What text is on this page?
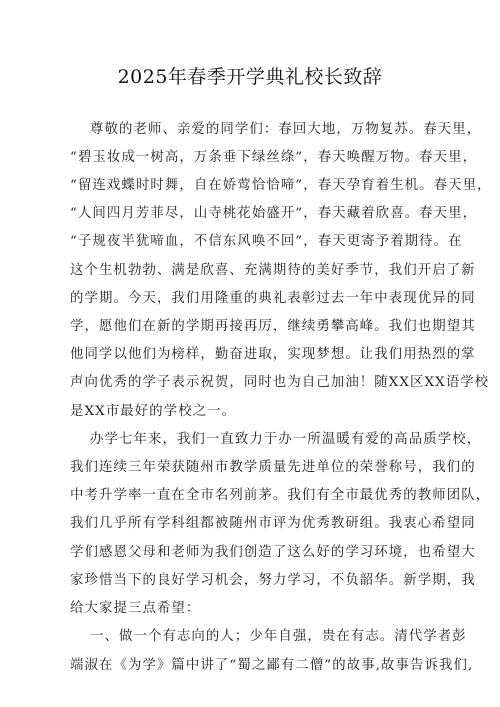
2025年春季开学典礼校长致辞
尊敬的老师、亲爱的同学们：春回大地，万物复苏。春天里，
“碧玉妆成一树高，万条垂下绿丝绦”，春天唤醒万物。春天里，
“留连戏蝶时时舞，自在娇莺恰恰啼”，春天孕育着生机。春天里，
“人间四月芳菲尽，山寺桃花始盛开”，春天藏着欣喜。春天里，
“子规夜半犹啼血，不信东风唤不回”，春天更寄予着期待。在
这个生机勃勃、满是欣喜、充满期待的美好季节，我们开启了新
的学期。今天，我们用隆重的典礼表彰过去一年中表现优异的同
学，愿他们在新的学期再接再厉，继续勇攀高峰。我们也期望其
他同学以他们为榜样，勤奋进取，实现梦想。让我们用热烈的掌
声向优秀的学子表示祝贺，同时也为自己加油！随XX区XX语学校
是XX市最好的学校之一。
办学七年来，我们一直致力于办一所温暖有爱的高品质学校，
我们连续三年荣获随州市教学质量先进单位的荣誉称号，我们的
中考升学率一直在全市名列前茅。我们有全市最优秀的教师团队，
我们几乎所有学科组都被随州市评为优秀教研组。我衷心希望同
学们感恩父母和老师为我们创造了这么好的学习环境，也希望大
家珍惜当下的良好学习机会，努力学习，不负韶华。新学期，我
给大家提三点希望：
一、做一个有志向的人；少年自强，贵在有志。清代学者彭
端淑在《为学》篇中讲了“蜀之鄙有二僧”的故事,故事告诉我们,
